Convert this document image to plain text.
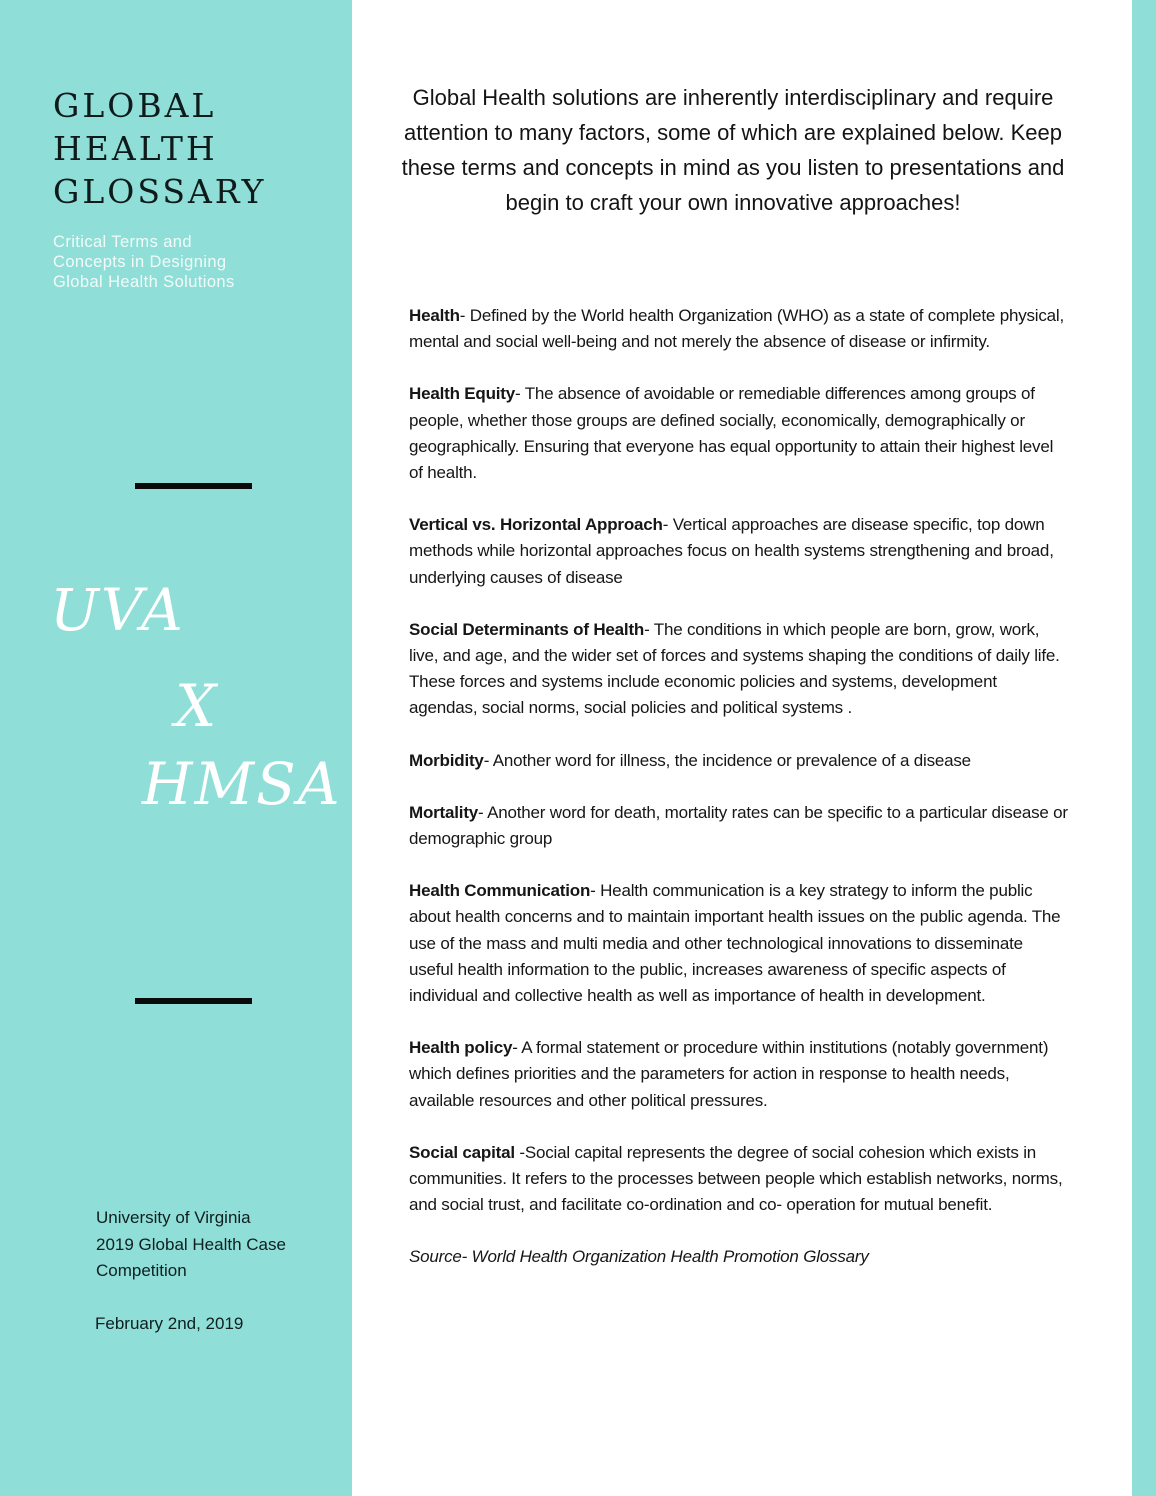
GLOBAL
HEALTH
GLOSSARY
Critical Terms and
Concepts in Designing
Global Health Solutions
UVA
X
HMSA
University of Virginia
2019 Global Health Case
Competition
February 2nd, 2019

Global Health solutions are inherently interdisciplinary and require attention to many factors, some of which are explained below. Keep these terms and concepts in mind as you listen to presentations and begin to craft your own innovative approaches!

Health- Defined by the World health Organization (WHO) as a state of complete physical, mental and social well-being and not merely the absence of disease or infirmity.

Health Equity- The absence of avoidable or remediable differences among groups of people, whether those groups are defined socially, economically, demographically or geographically. Ensuring that everyone has equal opportunity to attain their highest level of health.

Vertical vs. Horizontal Approach- Vertical approaches are disease specific, top down methods while horizontal approaches focus on health systems strengthening and broad, underlying causes of disease

Social Determinants of Health- The conditions in which people are born, grow, work, live, and age, and the wider set of forces and systems shaping the conditions of daily life. These forces and systems include economic policies and systems, development agendas, social norms, social policies and political systems .

Morbidity- Another word for illness, the incidence or prevalence of a disease

Mortality- Another word for death, mortality rates can be specific to a particular disease or demographic group

Health Communication- Health communication is a key strategy to inform the public about health concerns and to maintain important health issues on the public agenda. The use of the mass and multi media and other technological innovations to disseminate useful health information to the public, increases awareness of specific aspects of individual and collective health as well as importance of health in development.

Health policy- A formal statement or procedure within institutions (notably government) which defines priorities and the parameters for action in response to health needs, available resources and other political pressures.

Social capital -Social capital represents the degree of social cohesion which exists in communities. It refers to the processes between people which establish networks, norms, and social trust, and facilitate co-ordination and co- operation for mutual benefit.

Source- World Health Organization Health Promotion Glossary
